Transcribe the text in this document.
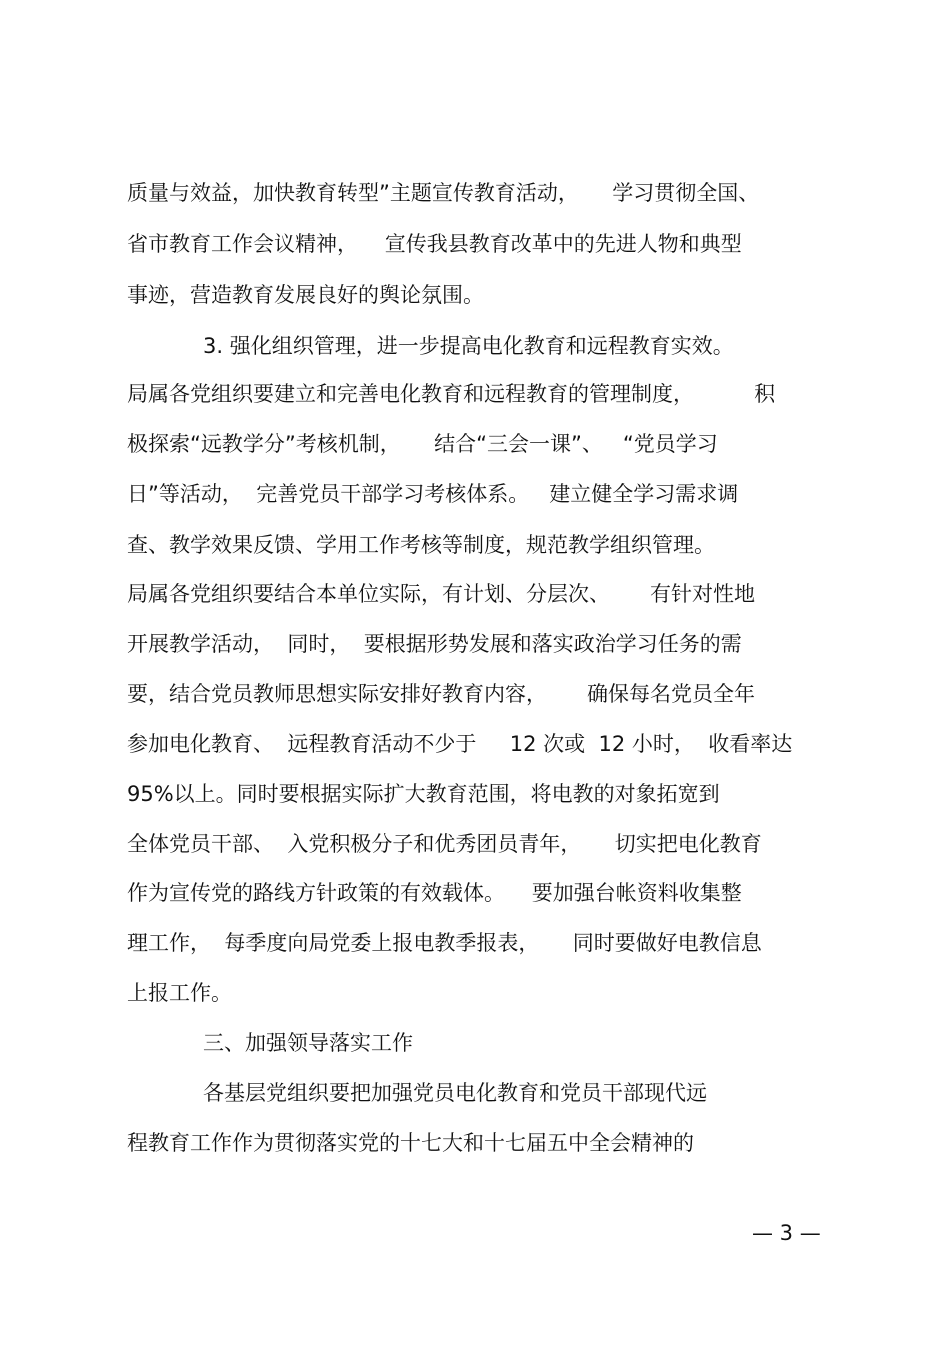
质量与效益，加快教育转型”主题宣传教育活动，     学习贯彻全国、
省市教育工作会议精神，    宣传我县教育改革中的先进人物和典型
事迹，营造教育发展良好的舆论氛围。
3. 强化组织管理，进一步提高电化教育和远程教育实效。
局属各党组织要建立和完善电化教育和远程教育的管理制度，         积
极探索“远教学分”考核机制，     结合“三会一课”、   “党员学习
日”等活动，  完善党员干部学习考核体系。   建立健全学习需求调
查、教学效果反馈、学用工作考核等制度，规范教学组织管理。
局属各党组织要结合本单位实际，有计划、分层次、      有针对性地
开展教学活动，  同时，  要根据形势发展和落实政治学习任务的需
要，结合党员教师思想实际安排好教育内容，      确保每名党员全年
参加电化教育、  远程教育活动不少于     12 次或  12 小时，  收看率达
95%以上。同时要根据实际扩大教育范围，将电教的对象拓宽到
全体党员干部、  入党积极分子和优秀团员青年，     切实把电化教育
作为宣传党的路线方针政策的有效载体。    要加强台帐资料收集整
理工作，  每季度向局党委上报电教季报表，     同时要做好电教信息
上报工作。
三、加强领导落实工作
各基层党组织要把加强党员电化教育和党员干部现代远
程教育工作作为贯彻落实党的十七大和十七届五中全会精神的
— 3 —
